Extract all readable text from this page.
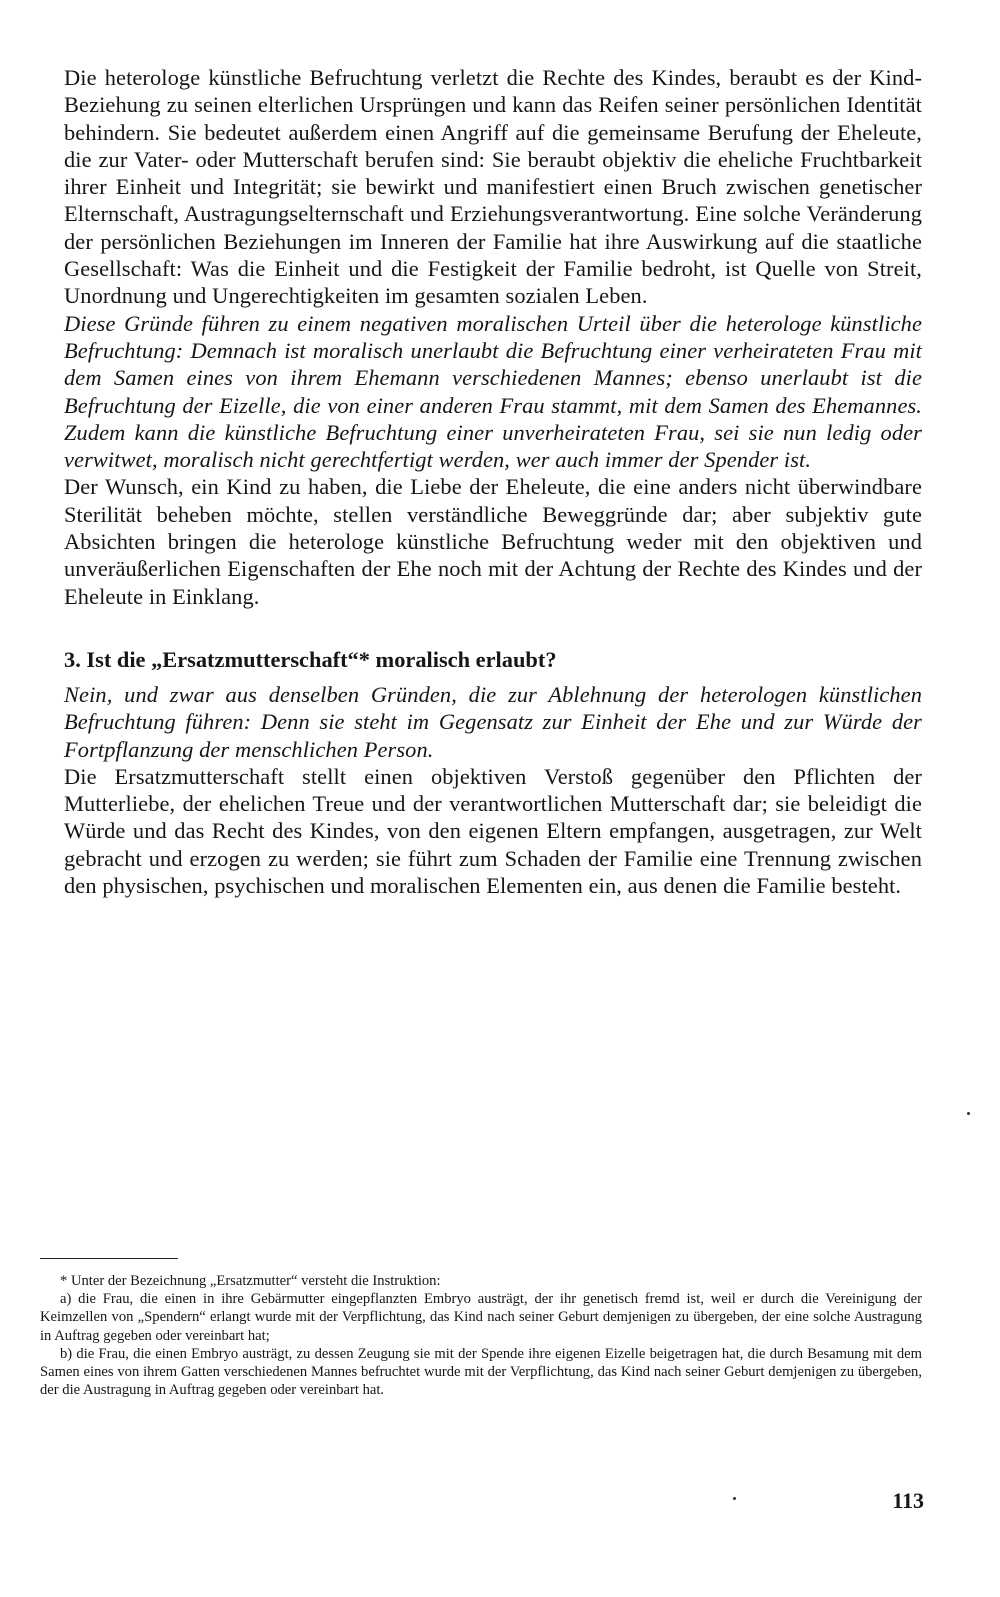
Die heterologe künstliche Befruchtung verletzt die Rechte des Kindes, beraubt es der Kind-Beziehung zu seinen elterlichen Ursprüngen und kann das Reifen seiner persönlichen Identität behindern. Sie bedeutet außerdem einen Angriff auf die gemeinsame Berufung der Eheleute, die zur Vater- oder Mutterschaft berufen sind: Sie beraubt objektiv die eheliche Fruchtbarkeit ihrer Einheit und Integrität; sie bewirkt und manifestiert einen Bruch zwischen genetischer Elternschaft, Austragungselternschaft und Erziehungsverantwortung. Eine solche Veränderung der persönlichen Beziehungen im Inneren der Familie hat ihre Auswirkung auf die staatliche Gesellschaft: Was die Einheit und die Festigkeit der Familie bedroht, ist Quelle von Streit, Unordnung und Ungerechtigkeiten im gesamten sozialen Leben.

Diese Gründe führen zu einem negativen moralischen Urteil über die heterologe künstliche Befruchtung: Demnach ist moralisch unerlaubt die Befruchtung einer verheirateten Frau mit dem Samen eines von ihrem Ehemann verschiedenen Mannes; ebenso unerlaubt ist die Befruchtung der Eizelle, die von einer anderen Frau stammt, mit dem Samen des Ehemannes. Zudem kann die künstliche Befruchtung einer unverheirateten Frau, sei sie nun ledig oder verwitwet, moralisch nicht gerechtfertigt werden, wer auch immer der Spender ist.

Der Wunsch, ein Kind zu haben, die Liebe der Eheleute, die eine anders nicht überwindbare Sterilität beheben möchte, stellen verständliche Beweggründe dar; aber subjektiv gute Absichten bringen die heterologe künstliche Befruchtung weder mit den objektiven und unveräußerlichen Eigenschaften der Ehe noch mit der Achtung der Rechte des Kindes und der Eheleute in Einklang.

3. Ist die „Ersatzmutterschaft“* moralisch erlaubt?

Nein, und zwar aus denselben Gründen, die zur Ablehnung der heterologen künstlichen Befruchtung führen: Denn sie steht im Gegensatz zur Einheit der Ehe und zur Würde der Fortpflanzung der menschlichen Person.

Die Ersatzmutterschaft stellt einen objektiven Verstoß gegenüber den Pflichten der Mutterliebe, der ehelichen Treue und der verantwortlichen Mutterschaft dar; sie beleidigt die Würde und das Recht des Kindes, von den eigenen Eltern empfangen, ausgetragen, zur Welt gebracht und erzogen zu werden; sie führt zum Schaden der Familie eine Trennung zwischen den physischen, psychischen und moralischen Elementen ein, aus denen die Familie besteht.

* Unter der Bezeichnung „Ersatzmutter“ versteht die Instruktion:

a) die Frau, die einen in ihre Gebärmutter eingepflanzten Embryo austrägt, der ihr genetisch fremd ist, weil er durch die Vereinigung der Keimzellen von „Spendern“ erlangt wurde mit der Verpflichtung, das Kind nach seiner Geburt demjenigen zu übergeben, der eine solche Austragung in Auftrag gegeben oder vereinbart hat;

b) die Frau, die einen Embryo austrägt, zu dessen Zeugung sie mit der Spende ihre eigenen Eizelle beigetragen hat, die durch Besamung mit dem Samen eines von ihrem Gatten verschiedenen Mannes befruchtet wurde mit der Verpflichtung, das Kind nach seiner Geburt demjenigen zu übergeben, der die Austragung in Auftrag gegeben oder vereinbart hat.

113
